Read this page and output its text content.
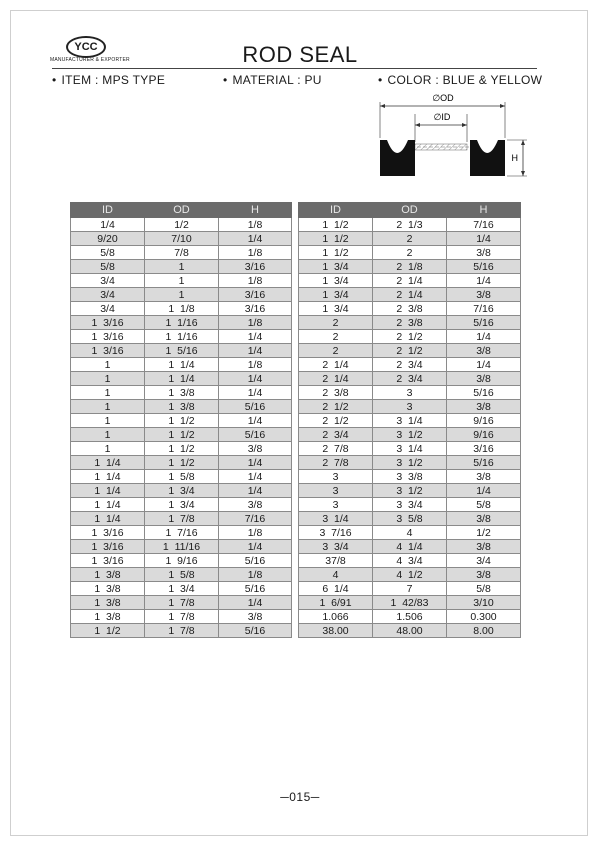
YCC
MANUFACTURER & EXPORTER	ROD SEAL
• ITEM : MPS TYPE	• MATERIAL : PU	• COLOR : BLUE & YELLOW
∅OD
∅ID
H
ID	OD	H
1/4	1/2	1/8
9/20	7/10	1/4
5/8	7/8	1/8
5/8	1	3/16
3/4	1	1/8
3/4	1	3/16
3/4	1  1/8	3/16
1  3/16	1  1/16	1/8
1  3/16	1  1/16	1/4
1  3/16	1  5/16	1/4
1	1  1/4	1/8
1	1  1/4	1/4
1	1  3/8	1/4
1	1  3/8	5/16
1	1  1/2	1/4
1	1  1/2	5/16
1	1  1/2	3/8
1  1/4	1  1/2	1/4
1  1/4	1  5/8	1/4
1  1/4	1  3/4	1/4
1  1/4	1  3/4	3/8
1  1/4	1  7/8	7/16
1  3/16	1  7/16	1/8
1  3/16	1  11/16	1/4
1  3/16	1  9/16	5/16
1  3/8	1  5/8	1/8
1  3/8	1  3/4	5/16
1  3/8	1  7/8	1/4
1  3/8	1  7/8	3/8
1  1/2	1  7/8	5/16
ID	OD	H
1  1/2	2  1/3	7/16
1  1/2	2	1/4
1  1/2	2	3/8
1  3/4	2  1/8	5/16
1  3/4	2  1/4	1/4
1  3/4	2  1/4	3/8
1  3/4	2  3/8	7/16
2	2  3/8	5/16
2	2  1/2	1/4
2	2  1/2	3/8
2  1/4	2  3/4	1/4
2  1/4	2  3/4	3/8
2  3/8	3	5/16
2  1/2	3	3/8
2  1/2	3  1/4	9/16
2  3/4	3  1/2	9/16
2  7/8	3  1/4	3/16
2  7/8	3  1/2	5/16
3	3  3/8	3/8
3	3  1/2	1/4
3	3  3/4	5/8
3  1/4	3  5/8	3/8
3  7/16	4	1/2
3  3/4	4  1/4	3/8
37/8	4  3/4	3/4
4	4  1/2	3/8
6  1/4	7	5/8
1  6/91	1  42/83	3/10
1.066	1.506	0.300
38.00	48.00	8.00
─015─
